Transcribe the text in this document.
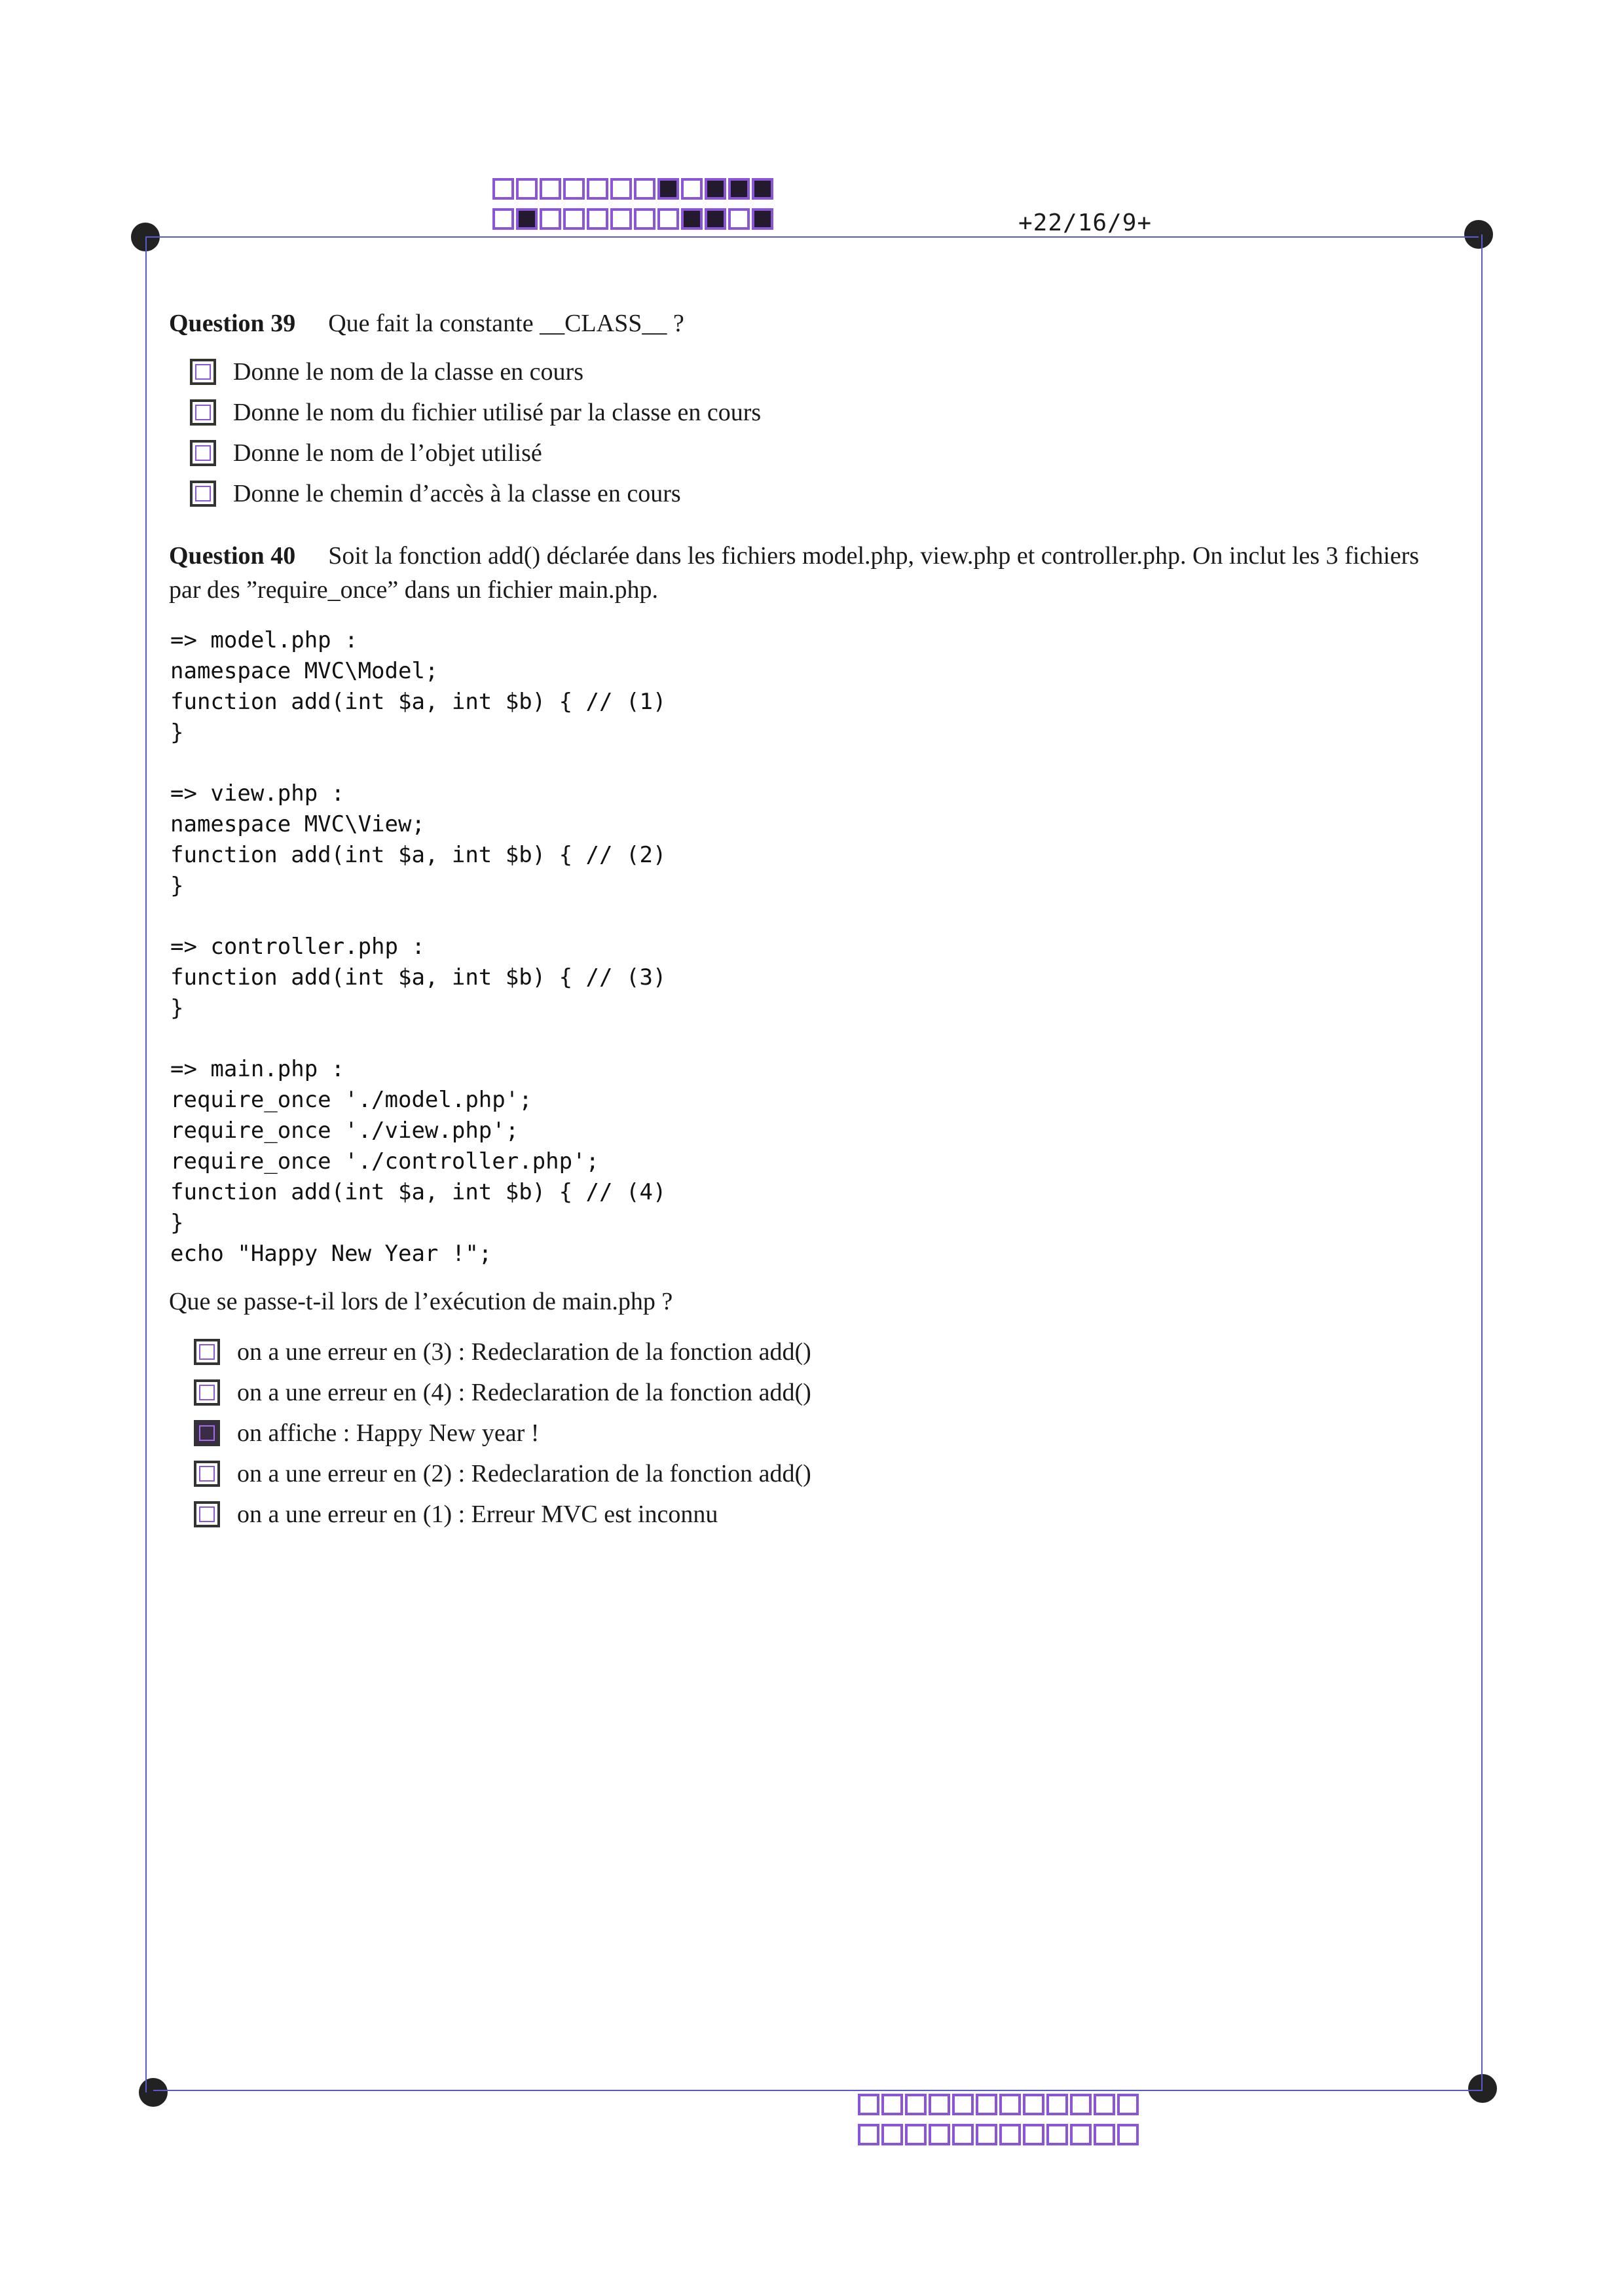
+22/16/9+
Question 39 Que fait la constante __CLASS__ ?
Donne le nom de la classe en cours
Donne le nom du fichier utilisé par la classe en cours
Donne le nom de l’objet utilisé
Donne le chemin d’accès à la classe en cours
Question 40 Soit la fonction add() déclarée dans les fichiers model.php, view.php et controller.php. On inclut les 3 fichiers
par des ”require_once” dans un fichier main.php.
=> model.php :
namespace MVC\Model;
function add(int $a, int $b) { // (1)
}
=> view.php :
namespace MVC\View;
function add(int $a, int $b) { // (2)
}
=> controller.php :
function add(int $a, int $b) { // (3)
}
=> main.php :
require_once './model.php';
require_once './view.php';
require_once './controller.php';
function add(int $a, int $b) { // (4)
}
echo "Happy New Year !";
Que se passe-t-il lors de l’exécution de main.php ?
on a une erreur en (3) : Redeclaration de la fonction add()
on a une erreur en (4) : Redeclaration de la fonction add()
on affiche : Happy New year !
on a une erreur en (2) : Redeclaration de la fonction add()
on a une erreur en (1) : Erreur MVC est inconnu
